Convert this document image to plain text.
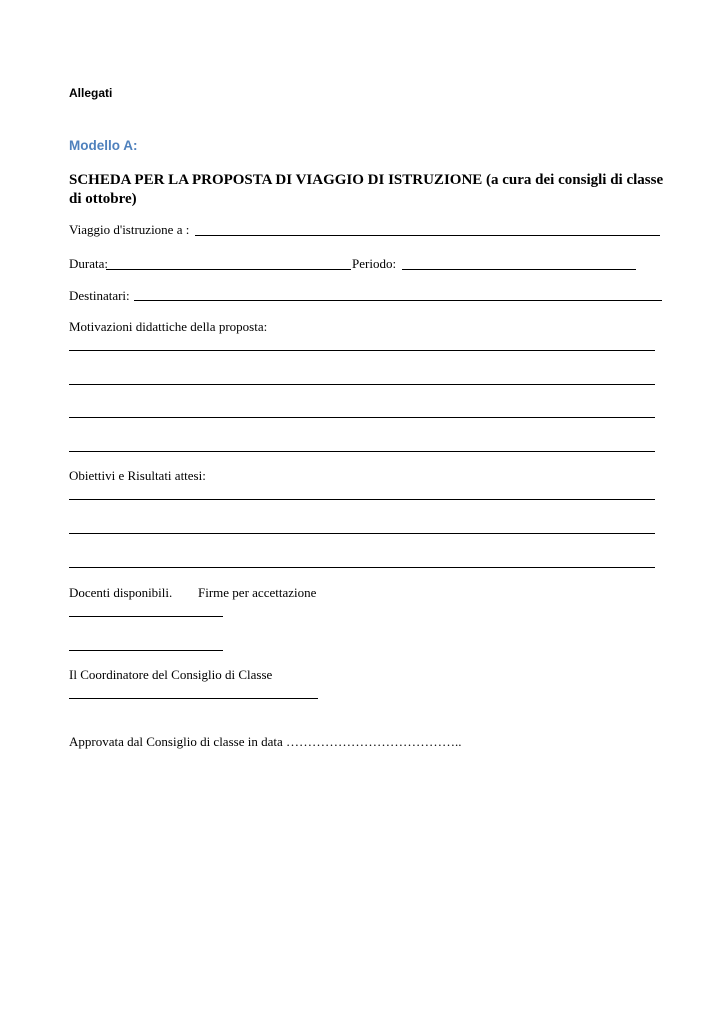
Allegati
Modello A:
SCHEDA PER LA PROPOSTA DI VIAGGIO DI ISTRUZIONE (a cura dei consigli di classe di ottobre)
Viaggio d'istruzione a :
Durata:	Periodo:
Destinatari:
Motivazioni didattiche della proposta:
Obiettivi e Risultati attesi:
Docenti disponibili. Firme per accettazione
Il Coordinatore del Consiglio di Classe
Approvata dal Consiglio di classe in data …………………………………..
